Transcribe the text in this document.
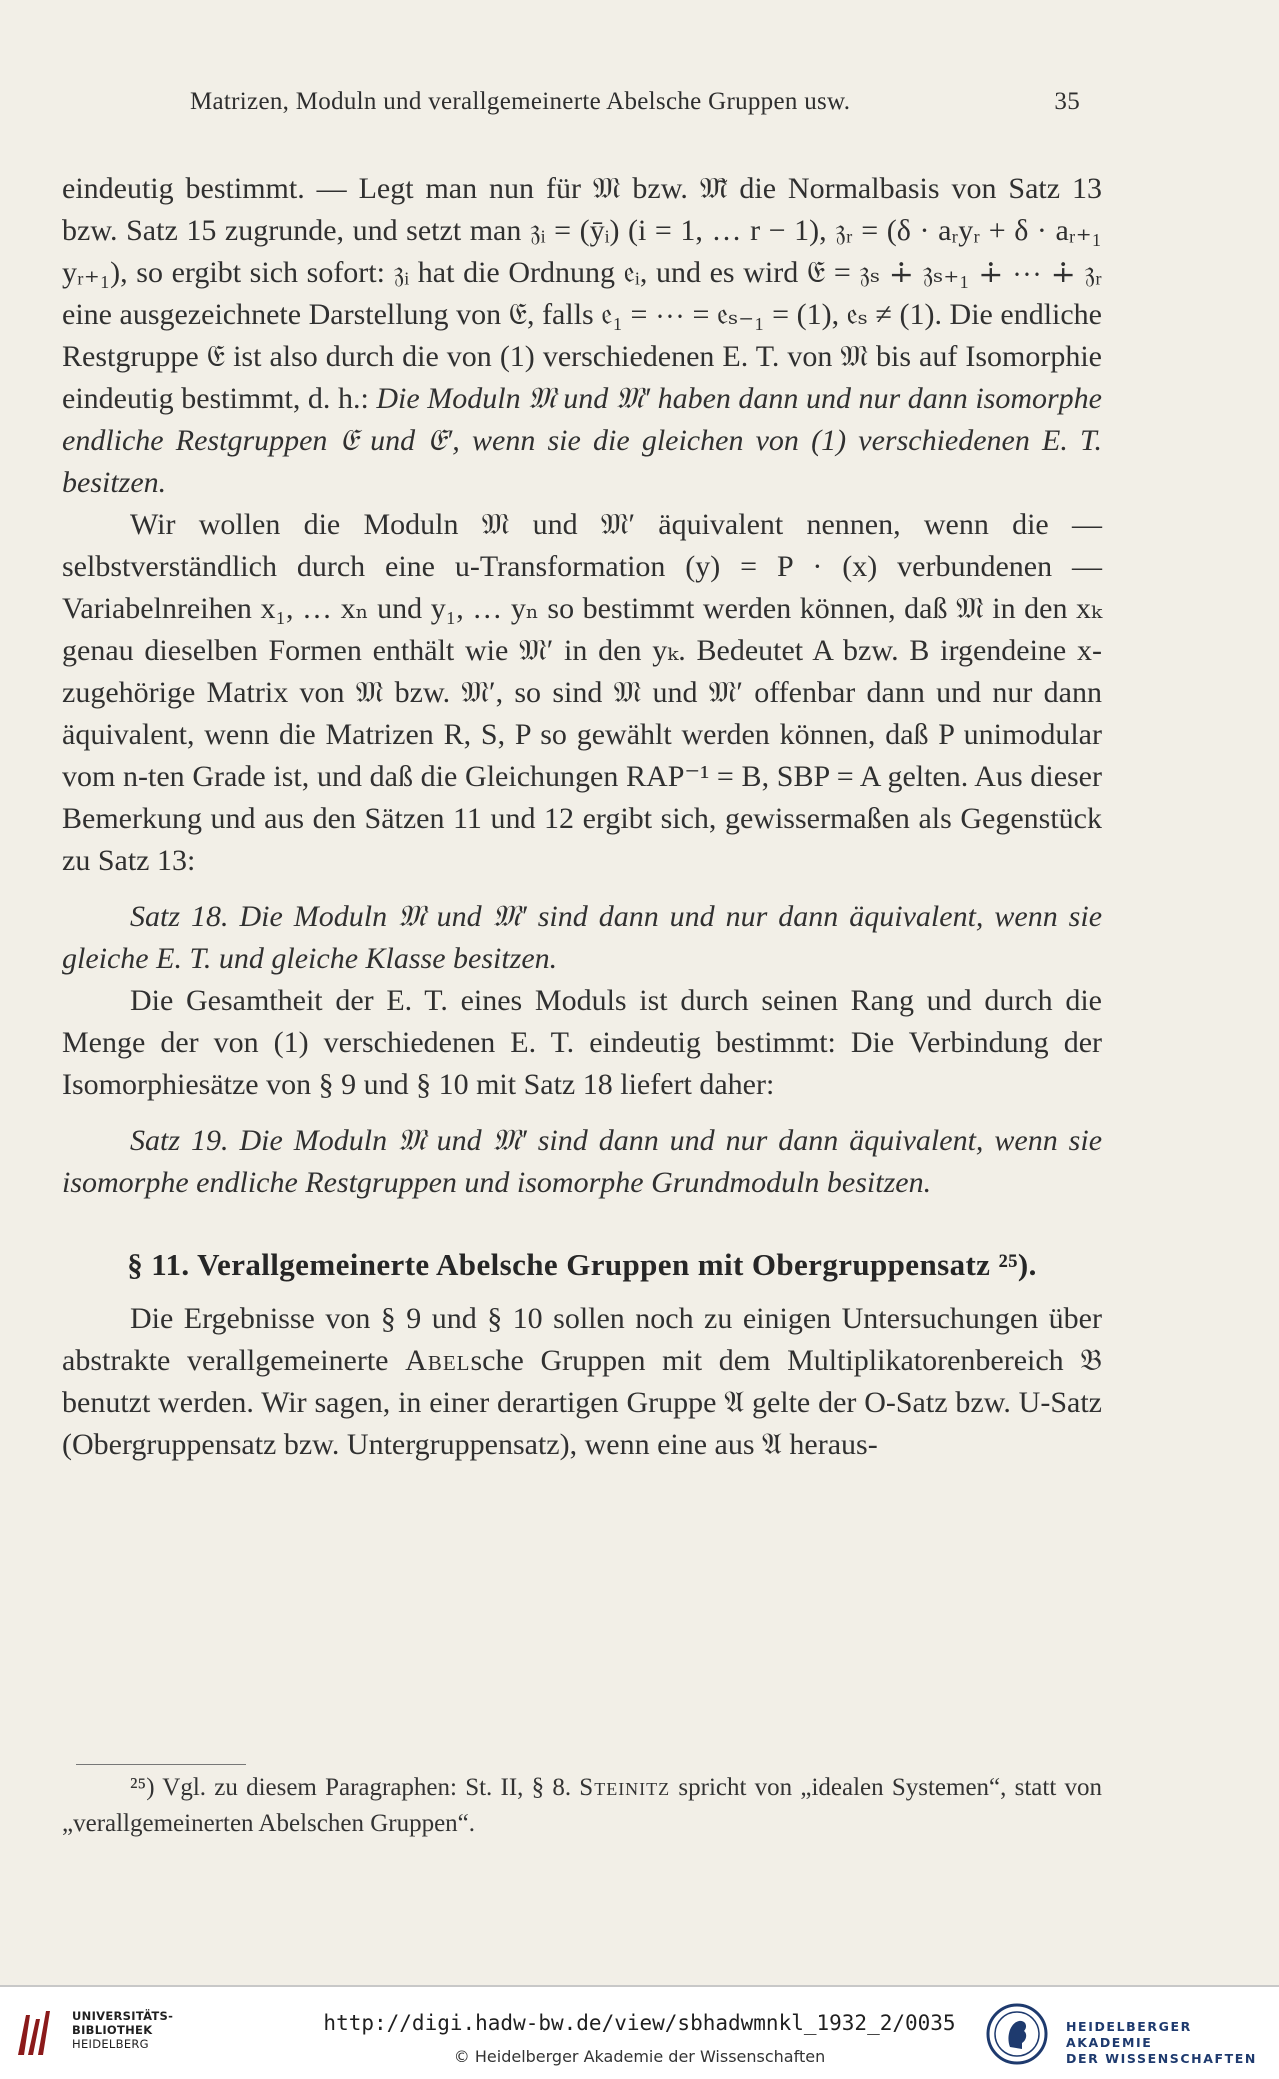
Matrizen, Moduln und verallgemeinerte Abelsche Gruppen usw.	35

eindeutig bestimmt. — Legt man nun für 𝔐 bzw. 𝔐̃ die Normalbasis von Satz 13 bzw. Satz 15 zugrunde, und setzt man 𝔷ᵢ = (ȳᵢ) (i = 1, … r − 1), 𝔷ᵣ = (δ · aᵣyᵣ + δ · aᵣ₊₁ yᵣ₊₁), so ergibt sich sofort: 𝔷ᵢ hat die Ordnung 𝔢ᵢ, und es wird 𝔈 = 𝔷ₛ ∔ 𝔷ₛ₊₁ ∔ ⋯ ∔ 𝔷ᵣ eine ausgezeichnete Darstellung von 𝔈, falls 𝔢₁ = ⋯ = 𝔢ₛ₋₁ = (1), 𝔢ₛ ≠ (1). Die endliche Restgruppe 𝔈 ist also durch die von (1) verschiedenen E. T. von 𝔐 bis auf Isomorphie eindeutig bestimmt, d. h.: Die Moduln 𝔐 und 𝔐′ haben dann und nur dann isomorphe endliche Restgruppen 𝔈 und 𝔈′, wenn sie die gleichen von (1) verschiedenen E. T. besitzen.

Wir wollen die Moduln 𝔐 und 𝔐′ äquivalent nennen, wenn die — selbstverständlich durch eine u-Transformation (y) = P · (x) verbundenen — Variabelnreihen x₁, … xₙ und y₁, … yₙ so bestimmt werden können, daß 𝔐 in den xₖ genau dieselben Formen enthält wie 𝔐′ in den yₖ. Bedeutet A bzw. B irgendeine x-zugehörige Matrix von 𝔐 bzw. 𝔐′, so sind 𝔐 und 𝔐′ offenbar dann und nur dann äquivalent, wenn die Matrizen R, S, P so gewählt werden können, daß P unimodular vom n-ten Grade ist, und daß die Gleichungen RAP⁻¹ = B, SBP = A gelten. Aus dieser Bemerkung und aus den Sätzen 11 und 12 ergibt sich, gewissermaßen als Gegenstück zu Satz 13:

Satz 18. Die Moduln 𝔐 und 𝔐′ sind dann und nur dann äquivalent, wenn sie gleiche E. T. und gleiche Klasse besitzen.

Die Gesamtheit der E. T. eines Moduls ist durch seinen Rang und durch die Menge der von (1) verschiedenen E. T. eindeutig bestimmt: Die Verbindung der Isomorphiesätze von § 9 und § 10 mit Satz 18 liefert daher:

Satz 19. Die Moduln 𝔐 und 𝔐′ sind dann und nur dann äquivalent, wenn sie isomorphe endliche Restgruppen und isomorphe Grundmoduln besitzen.

§ 11. Verallgemeinerte Abelsche Gruppen mit Obergruppensatz ²⁵).

Die Ergebnisse von § 9 und § 10 sollen noch zu einigen Untersuchungen über abstrakte verallgemeinerte Abelsche Gruppen mit dem Multiplikatorenbereich 𝔅 benutzt werden. Wir sagen, in einer derartigen Gruppe 𝔄 gelte der O-Satz bzw. U-Satz (Obergruppensatz bzw. Untergruppensatz), wenn eine aus 𝔄 heraus-

²⁵) Vgl. zu diesem Paragraphen: St. II, § 8. Steinitz spricht von „idealen Systemen“, statt von „verallgemeinerten Abelschen Gruppen“.

UNIVERSITÄTS-
BIBLIOTHEK
HEIDELBERG
http://digi.hadw-bw.de/view/sbhadwmnkl_1932_2/0035
© Heidelberger Akademie der Wissenschaften
HEIDELBERGER AKADEMIE
DER WISSENSCHAFTEN
